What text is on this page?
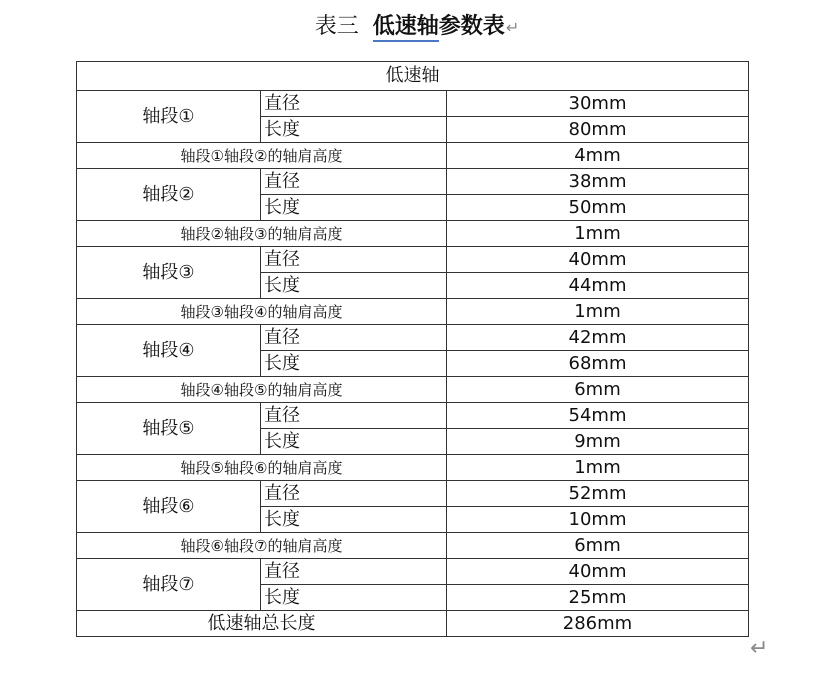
表三 低速轴参数表↵
低速轴		
轴段①	直径	30mm
	长度	80mm
轴段①轴段②的轴肩高度		4mm
轴段②	直径	38mm
	长度	50mm
轴段②轴段③的轴肩高度		1mm
轴段③	直径	40mm
	长度	44mm
轴段③轴段④的轴肩高度		1mm
轴段④	直径	42mm
	长度	68mm
轴段④轴段⑤的轴肩高度		6mm
轴段⑤	直径	54mm
	长度	9mm
轴段⑤轴段⑥的轴肩高度		1mm
轴段⑥	直径	52mm
	长度	10mm
轴段⑥轴段⑦的轴肩高度		6mm
轴段⑦	直径	40mm
	长度	25mm
低速轴总长度		286mm
↵
